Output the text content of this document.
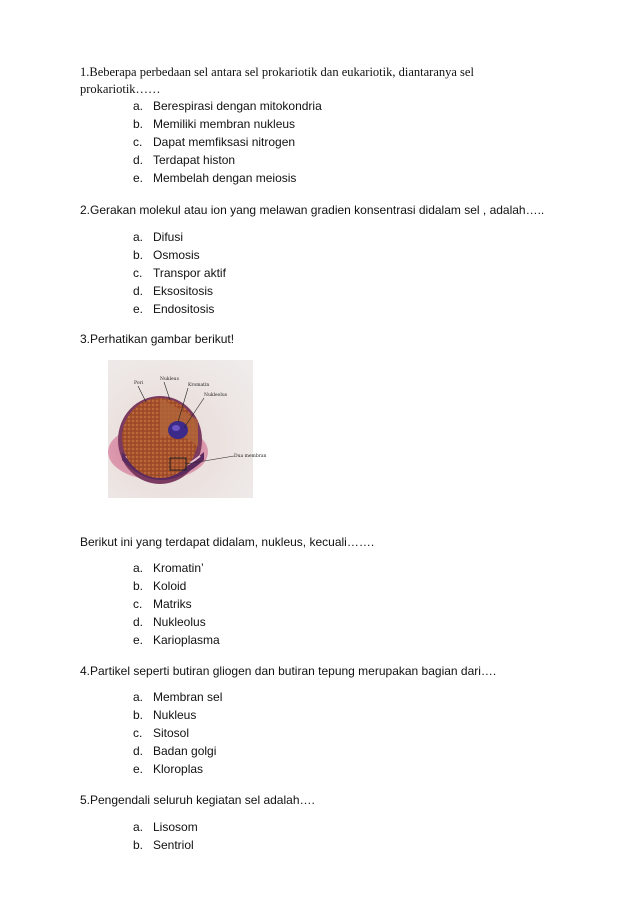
1.Beberapa perbedaan sel antara sel prokariotik dan eukariotik, diantaranya sel prokariotik……

a. Berespirasi dengan mitokondria
b. Memiliki membran nukleus
c. Dapat memfiksasi nitrogen
d. Terdapat histon
e. Membelah dengan meiosis

2.Gerakan molekul atau ion yang melawan gradien konsentrasi didalam sel , adalah…..

a. Difusi
b. Osmosis
c. Transpor aktif
d. Eksositosis
e. Endositosis

3.Perhatikan gambar berikut!

Pori
Nukleus
Kromatin
Nukleolus
Dua membran

Berikut ini yang terdapat didalam, nukleus, kecuali…….

a. Kromatin’
b. Koloid
c. Matriks
d. Nukleolus
e. Karioplasma

4.Partikel seperti butiran gliogen dan butiran tepung merupakan bagian dari….

a. Membran sel
b. Nukleus
c. Sitosol
d. Badan golgi
e. Kloroplas

5.Pengendali seluruh kegiatan sel adalah….

a. Lisosom
b. Sentriol
